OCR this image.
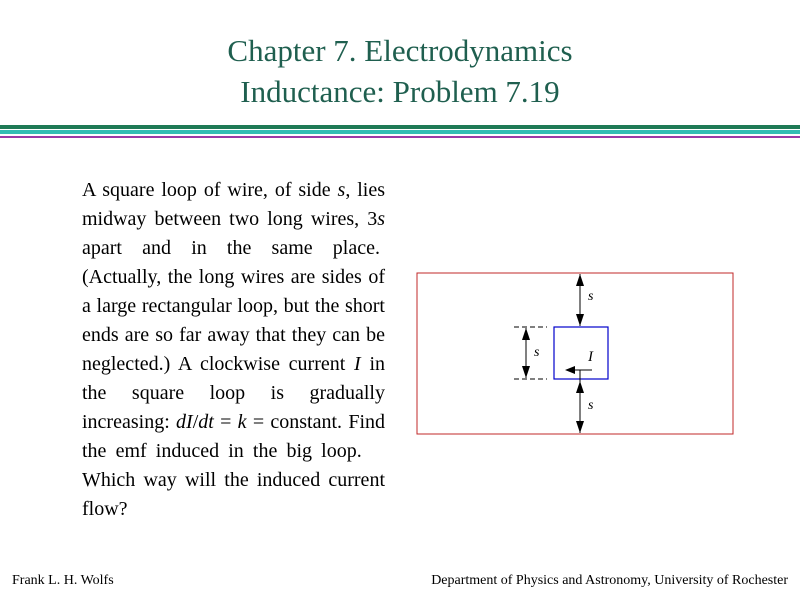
Chapter 7. Electrodynamics
Inductance: Problem 7.19
A square loop of wire, of side s, lies midway between two long wires, 3s apart and in the same place.  (Actually, the long wires are sides of a large rectangular loop, but the short ends are so far away that they can be neglected.) A clockwise current I in the square loop is gradually increasing: dI/dt = k = constant. Find the emf induced in the big loop.    Which way will the induced current flow?
s
s	I
s
Frank L. H. Wolfs	Department of Physics and Astronomy, University of Rochester
